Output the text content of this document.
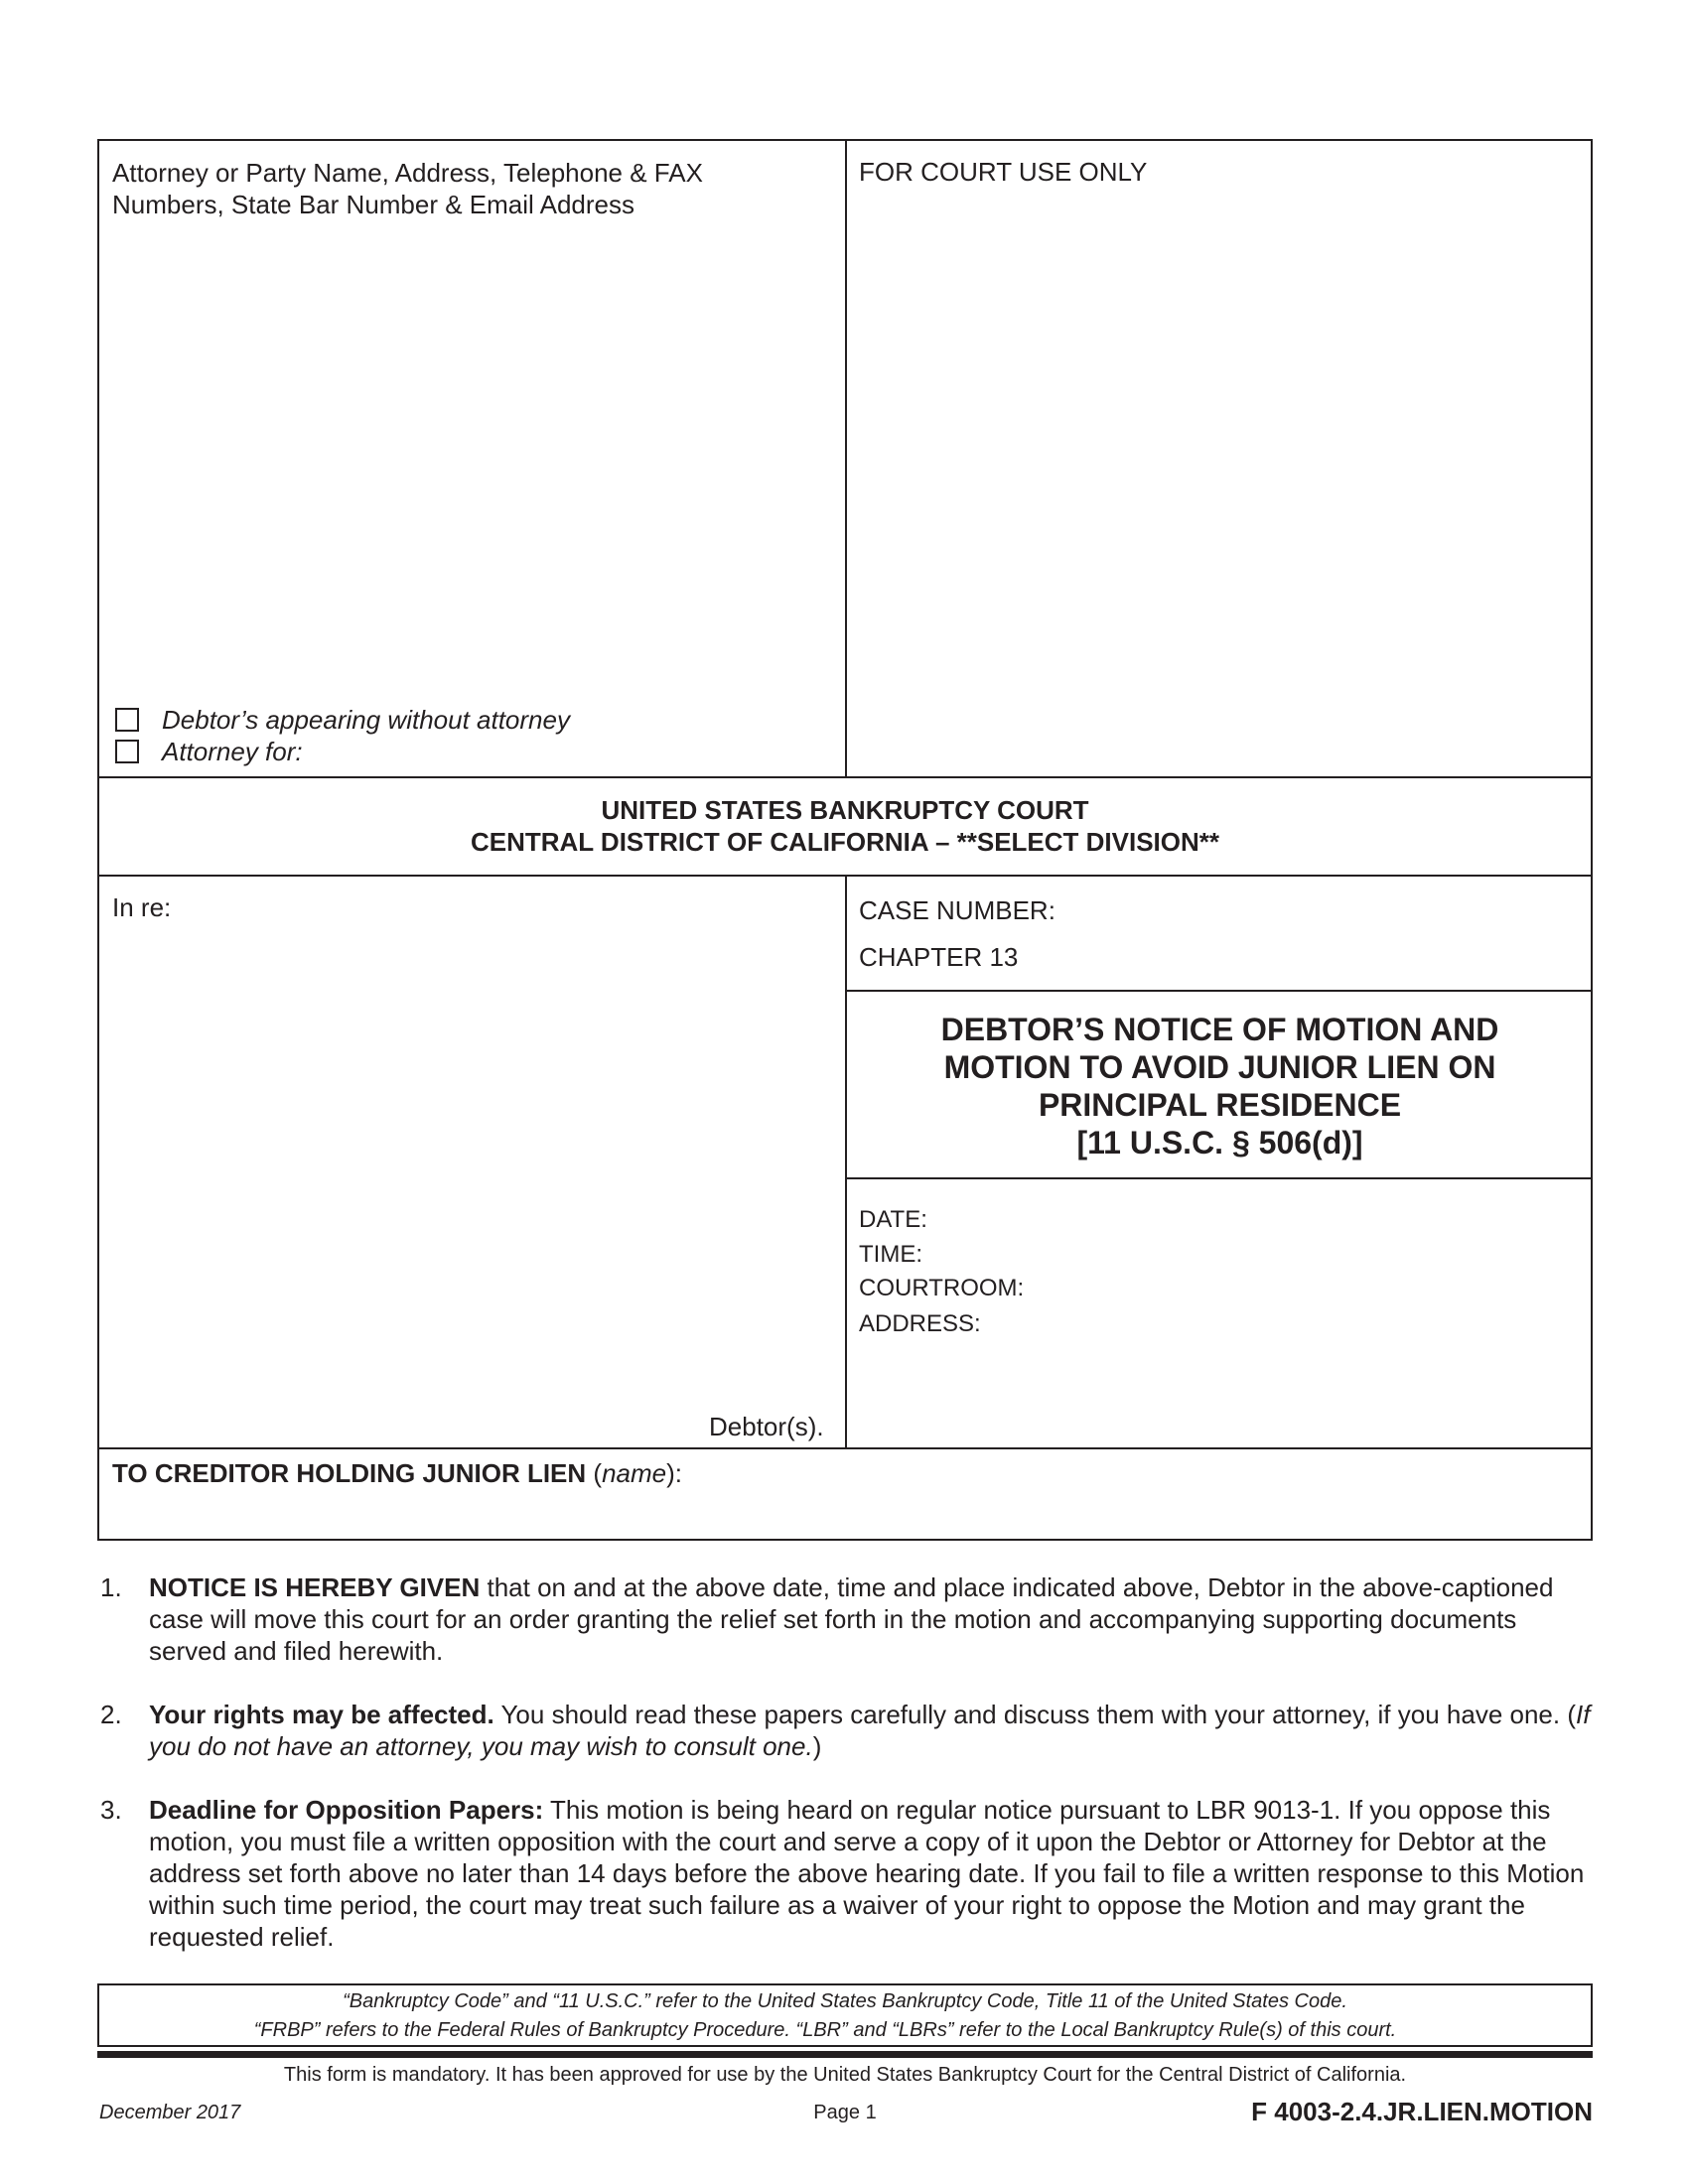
Attorney or Party Name, Address, Telephone & FAX
Numbers, State Bar Number & Email Address
FOR COURT USE ONLY
Debtor’s appearing without attorney
Attorney for:
UNITED STATES BANKRUPTCY COURT
CENTRAL DISTRICT OF CALIFORNIA – **SELECT DIVISION**
In re:
Debtor(s).
CASE NUMBER:
CHAPTER 13
DEBTOR’S NOTICE OF MOTION AND
MOTION TO AVOID JUNIOR LIEN ON
PRINCIPAL RESIDENCE
[11 U.S.C. § 506(d)]
DATE:
TIME:
COURTROOM:
ADDRESS:
TO CREDITOR HOLDING JUNIOR LIEN (name):
1. NOTICE IS HEREBY GIVEN that on and at the above date, time and place indicated above, Debtor in the above-captioned case will move this court for an order granting the relief set forth in the motion and accompanying supporting documents served and filed herewith.
2. Your rights may be affected. You should read these papers carefully and discuss them with your attorney, if you have one. (If you do not have an attorney, you may wish to consult one.)
3. Deadline for Opposition Papers: This motion is being heard on regular notice pursuant to LBR 9013-1. If you oppose this motion, you must file a written opposition with the court and serve a copy of it upon the Debtor or Attorney for Debtor at the address set forth above no later than 14 days before the above hearing date. If you fail to file a written response to this Motion within such time period, the court may treat such failure as a waiver of your right to oppose the Motion and may grant the requested relief.
“Bankruptcy Code” and “11 U.S.C.” refer to the United States Bankruptcy Code, Title 11 of the United States Code.
“FRBP” refers to the Federal Rules of Bankruptcy Procedure. “LBR” and “LBRs” refer to the Local Bankruptcy Rule(s) of this court.
This form is mandatory. It has been approved for use by the United States Bankruptcy Court for the Central District of California.
December 2017	Page 1	F 4003-2.4.JR.LIEN.MOTION
